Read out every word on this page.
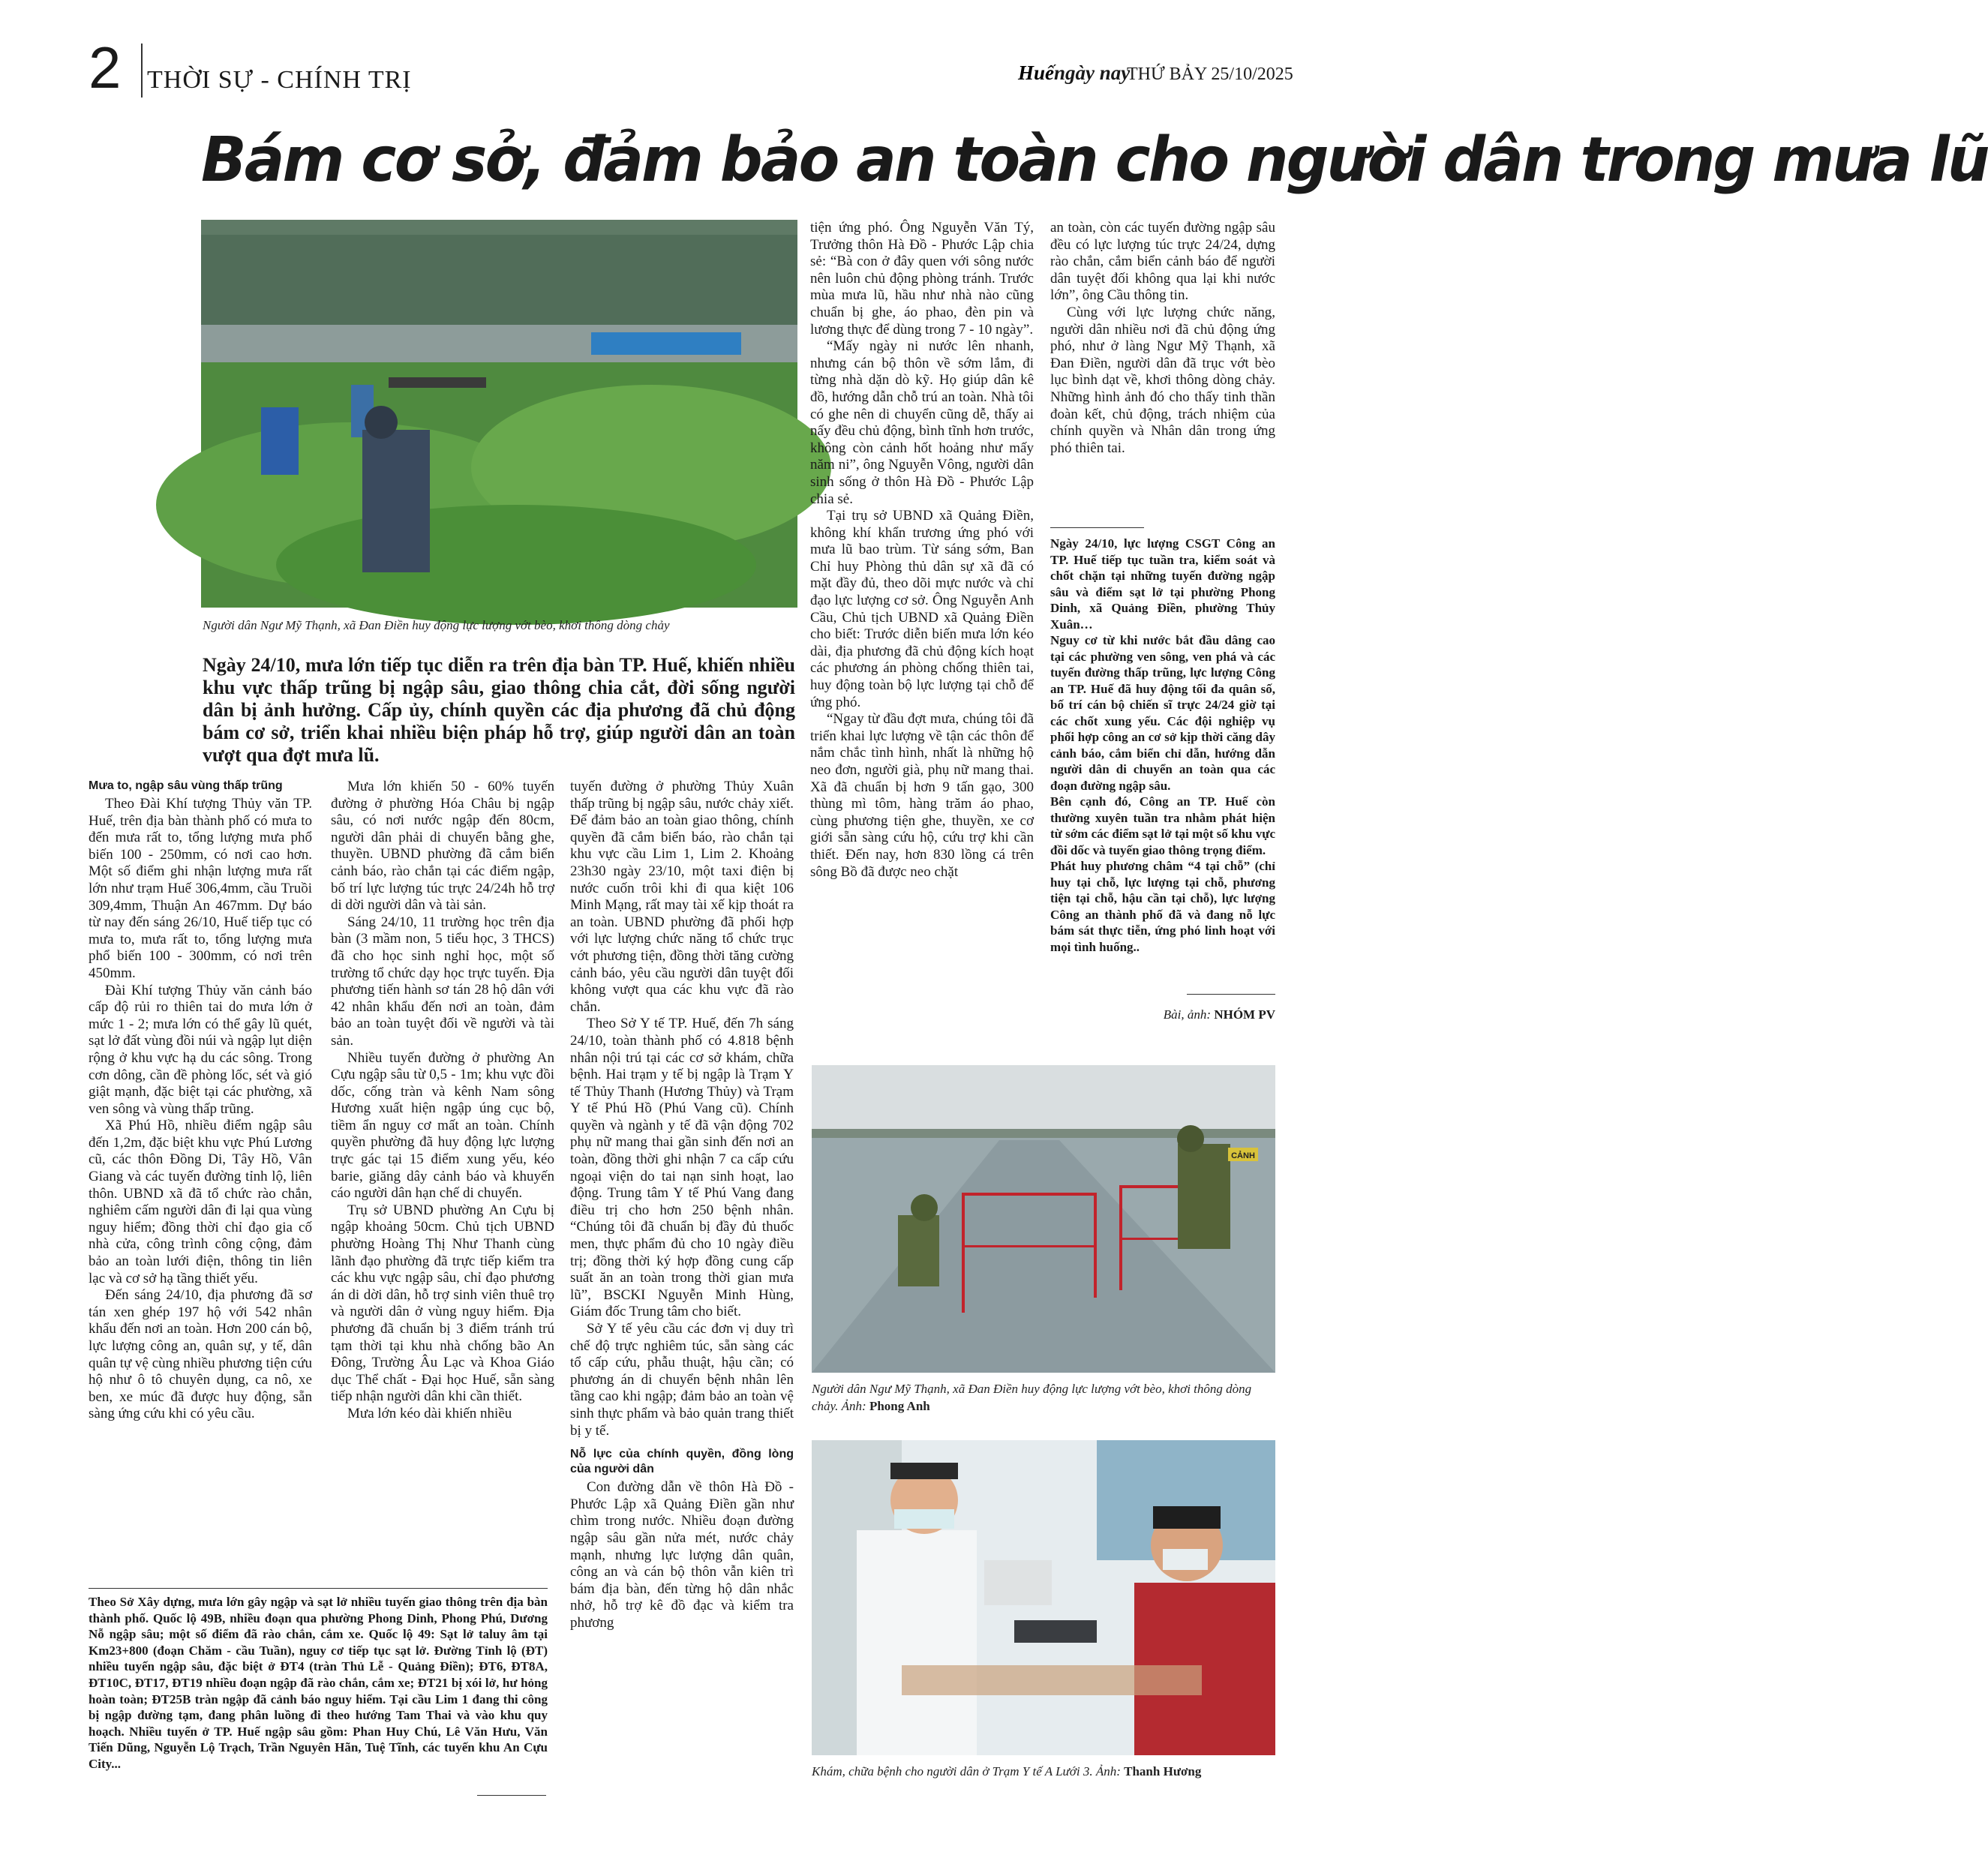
2 THỜI SỰ - CHÍNH TRỊ	Huếngày nay
THỨ BẢY 25/10/2025
Bám cơ sở, đảm bảo an toàn cho người dân trong mưa lũ
Người dân Ngư Mỹ Thạnh, xã Đan Điền huy động lực lượng vớt bèo, khơi thông dòng chảy
Ngày 24/10, mưa lớn tiếp tục diễn ra trên địa bàn TP. Huế, khiến nhiều khu vực thấp trũng bị ngập sâu, giao thông chia cắt, đời sống người dân bị ảnh hưởng. Cấp ủy, chính quyền các địa phương đã chủ động bám cơ sở, triển khai nhiều biện pháp hỗ trợ, giúp người dân an toàn vượt qua đợt mưa lũ.
Mưa to, ngập sâu vùng thấp trũng

Theo Đài Khí tượng Thủy văn TP. Huế, trên địa bàn thành phố có mưa to đến mưa rất to, tổng lượng mưa phổ biến 100 - 250mm, có nơi cao hơn. Một số điểm ghi nhận lượng mưa rất lớn như trạm Huế 306,4mm, cầu Truồi 309,4mm, Thuận An 467mm. Dự báo từ nay đến sáng 26/10, Huế tiếp tục có mưa to, mưa rất to, tổng lượng mưa phổ biến 100 - 300mm, có nơi trên 450mm.

Đài Khí tượng Thủy văn cảnh báo cấp độ rủi ro thiên tai do mưa lớn ở mức 1 - 2; mưa lớn có thể gây lũ quét, sạt lở đất vùng đồi núi và ngập lụt diện rộng ở khu vực hạ du các sông. Trong cơn dông, cần đề phòng lốc, sét và gió giật mạnh, đặc biệt tại các phường, xã ven sông và vùng thấp trũng.

Xã Phú Hồ, nhiều điểm ngập sâu đến 1,2m, đặc biệt khu vực Phú Lương cũ, các thôn Đồng Di, Tây Hồ, Vân Giang và các tuyến đường tỉnh lộ, liên thôn. UBND xã đã tổ chức rào chắn, nghiêm cấm người dân đi lại qua vùng nguy hiểm; đồng thời chỉ đạo gia cố nhà cửa, công trình công cộng, đảm bảo an toàn lưới điện, thông tin liên lạc và cơ sở hạ tầng thiết yếu.

Đến sáng 24/10, địa phương đã sơ tán xen ghép 197 hộ với 542 nhân khẩu đến nơi an toàn. Hơn 200 cán bộ, lực lượng công an, quân sự, y tế, dân quân tự vệ cùng nhiều phương tiện cứu hộ như ô tô chuyên dụng, ca nô, xe ben, xe múc đã được huy động, sẵn sàng ứng cứu khi có yêu cầu.

Mưa lớn khiến 50 - 60% tuyến đường ở phường Hóa Châu bị ngập sâu, có nơi nước ngập đến 80cm, người dân phải di chuyển bằng ghe, thuyền. UBND phường đã cắm biển cảnh báo, rào chắn tại các điểm ngập, bố trí lực lượng túc trực 24/24h hỗ trợ di dời người dân và tài sản.

Sáng 24/10, 11 trường học trên địa bàn (3 mầm non, 5 tiểu học, 3 THCS) đã cho học sinh nghỉ học, một số trường tổ chức dạy học trực tuyến. Địa phương tiến hành sơ tán 28 hộ dân với 42 nhân khẩu đến nơi an toàn, đảm bảo an toàn tuyệt đối về người và tài sản.

Nhiều tuyến đường ở phường An Cựu ngập sâu từ 0,5 - 1m; khu vực đồi dốc, cống tràn và kênh Nam sông Hương xuất hiện ngập úng cục bộ, tiềm ẩn nguy cơ mất an toàn. Chính quyền phường đã huy động lực lượng trực gác tại 15 điểm xung yếu, kéo barie, giăng dây cảnh báo và khuyến cáo người dân hạn chế di chuyển.

Trụ sở UBND phường An Cựu bị ngập khoảng 50cm. Chủ tịch UBND phường Hoàng Thị Như Thanh cùng lãnh đạo phường đã trực tiếp kiểm tra các khu vực ngập sâu, chỉ đạo phương án di dời dân, hỗ trợ sinh viên thuê trọ và người dân ở vùng nguy hiểm. Địa phương đã chuẩn bị 3 điểm tránh trú tạm thời tại khu nhà chống bão An Đông, Trường Âu Lạc và Khoa Giáo dục Thể chất - Đại học Huế, sẵn sàng tiếp nhận người dân khi cần thiết.

Mưa lớn kéo dài khiến nhiều

tuyến đường ở phường Thủy Xuân thấp trũng bị ngập sâu, nước chảy xiết. Để đảm bảo an toàn giao thông, chính quyền đã cắm biển báo, rào chắn tại khu vực cầu Lim 1, Lim 2. Khoảng 23h30 ngày 23/10, một taxi điện bị nước cuốn trôi khi đi qua kiệt 106 Minh Mạng, rất may tài xế kịp thoát ra an toàn. UBND phường đã phối hợp với lực lượng chức năng tổ chức trục vớt phương tiện, đồng thời tăng cường cảnh báo, yêu cầu người dân tuyệt đối không vượt qua các khu vực đã rào chắn.

Theo Sở Y tế TP. Huế, đến 7h sáng 24/10, toàn thành phố có 4.818 bệnh nhân nội trú tại các cơ sở khám, chữa bệnh. Hai trạm y tế bị ngập là Trạm Y tế Thủy Thanh (Hương Thủy) và Trạm Y tế Phú Hồ (Phú Vang cũ). Chính quyền và ngành y tế đã vận động 702 phụ nữ mang thai gần sinh đến nơi an toàn, đồng thời ghi nhận 7 ca cấp cứu ngoại viện do tai nạn sinh hoạt, lao động. Trung tâm Y tế Phú Vang đang điều trị cho hơn 250 bệnh nhân. “Chúng tôi đã chuẩn bị đầy đủ thuốc men, thực phẩm đủ cho 10 ngày điều trị; đồng thời ký hợp đồng cung cấp suất ăn an toàn trong thời gian mưa lũ”, BSCKI Nguyễn Minh Hùng, Giám đốc Trung tâm cho biết.

Sở Y tế yêu cầu các đơn vị duy trì chế độ trực nghiêm túc, sẵn sàng các tổ cấp cứu, phẫu thuật, hậu cần; có phương án di chuyển bệnh nhân lên tầng cao khi ngập; đảm bảo an toàn vệ sinh thực phẩm và bảo quản trang thiết bị y tế.

Nỗ lực của chính quyền, đồng lòng của người dân

Con đường dẫn về thôn Hà Đồ - Phước Lập xã Quảng Điền gần như chìm trong nước. Nhiều đoạn đường ngập sâu gần nửa mét, nước chảy mạnh, nhưng lực lượng dân quân, công an và cán bộ thôn vẫn kiên trì bám địa bàn, đến từng hộ dân nhắc nhở, hỗ trợ kê đồ đạc và kiểm tra phương

tiện ứng phó. Ông Nguyễn Văn Tý, Trưởng thôn Hà Đồ - Phước Lập chia sẻ: “Bà con ở đây quen với sông nước nên luôn chủ động phòng tránh. Trước mùa mưa lũ, hầu như nhà nào cũng chuẩn bị ghe, áo phao, đèn pin và lương thực để dùng trong 7 - 10 ngày”.

“Mấy ngày ni nước lên nhanh, nhưng cán bộ thôn về sớm lắm, đi từng nhà dặn dò kỹ. Họ giúp dân kê đồ, hướng dẫn chỗ trú an toàn. Nhà tôi có ghe nên di chuyển cũng dễ, thấy ai nấy đều chủ động, bình tĩnh hơn trước, không còn cảnh hốt hoảng như mấy năm ni”, ông Nguyễn Vông, người dân sinh sống ở thôn Hà Đồ - Phước Lập chia sẻ.

Tại trụ sở UBND xã Quảng Điền, không khí khẩn trương ứng phó với mưa lũ bao trùm. Từ sáng sớm, Ban Chỉ huy Phòng thủ dân sự xã đã có mặt đầy đủ, theo dõi mực nước và chỉ đạo lực lượng cơ sở. Ông Nguyễn Anh Cầu, Chủ tịch UBND xã Quảng Điền cho biết: Trước diễn biến mưa lớn kéo dài, địa phương đã chủ động kích hoạt các phương án phòng chống thiên tai, huy động toàn bộ lực lượng tại chỗ để ứng phó.

“Ngay từ đầu đợt mưa, chúng tôi đã triển khai lực lượng về tận các thôn để nắm chắc tình hình, nhất là những hộ neo đơn, người già, phụ nữ mang thai. Xã đã chuẩn bị hơn 9 tấn gạo, 300 thùng mì tôm, hàng trăm áo phao, cùng phương tiện ghe, thuyền, xe cơ giới sẵn sàng cứu hộ, cứu trợ khi cần thiết. Đến nay, hơn 830 lồng cá trên sông Bồ đã được neo chặt

an toàn, còn các tuyến đường ngập sâu đều có lực lượng túc trực 24/24, dựng rào chắn, cắm biển cảnh báo để người dân tuyệt đối không qua lại khi nước lớn”, ông Cầu thông tin.

Cùng với lực lượng chức năng, người dân nhiều nơi đã chủ động ứng phó, như ở làng Ngư Mỹ Thạnh, xã Đan Điền, người dân đã trục vớt bèo lục bình dạt về, khơi thông dòng chảy. Những hình ảnh đó cho thấy tinh thần đoàn kết, chủ động, trách nhiệm của chính quyền và Nhân dân trong ứng phó thiên tai.

Ngày 24/10, lực lượng CSGT Công an TP. Huế tiếp tục tuần tra, kiểm soát và chốt chặn tại những tuyến đường ngập sâu và điểm sạt lở tại phường Phong Dinh, xã Quảng Điền, phường Thủy Xuân…

Nguy cơ từ khi nước bắt đầu dâng cao tại các phường ven sông, ven phá và các tuyến đường thấp trũng, lực lượng Công an TP. Huế đã huy động tối đa quân số, bố trí cán bộ chiến sĩ trực 24/24 giờ tại các chốt xung yếu. Các đội nghiệp vụ phối hợp công an cơ sở kịp thời căng dây cảnh báo, cắm biển chỉ dẫn, hướng dẫn người dân di chuyển an toàn qua các đoạn đường ngập sâu.

Bên cạnh đó, Công an TP. Huế còn thường xuyên tuần tra nhằm phát hiện từ sớm các điểm sạt lở tại một số khu vực đồi dốc và tuyến giao thông trọng điểm.

Phát huy phương châm “4 tại chỗ” (chỉ huy tại chỗ, lực lượng tại chỗ, phương tiện tại chỗ, hậu cần tại chỗ), lực lượng Công an thành phố đã và đang nỗ lực bám sát thực tiễn, ứng phó linh hoạt với mọi tình huống..

Bài, ảnh: NHÓM PV
CẢNH
Người dân Ngư Mỹ Thạnh, xã Đan Điền huy động lực lượng vớt bèo, khơi thông dòng chảy. Ảnh: Phong Anh
Khám, chữa bệnh cho người dân ở Trạm Y tế A Lưới 3. Ảnh: Thanh Hương
Theo Sở Xây dựng, mưa lớn gây ngập và sạt lở nhiều tuyến giao thông trên địa bàn thành phố. Quốc lộ 49B, nhiều đoạn qua phường Phong Dinh, Phong Phú, Dương Nỗ ngập sâu; một số điểm đã rào chắn, cắm xe. Quốc lộ 49: Sạt lở taluy âm tại Km23+800 (đoạn Chăm - cầu Tuần), nguy cơ tiếp tục sạt lở. Đường Tỉnh lộ (ĐT) nhiều tuyến ngập sâu, đặc biệt ở ĐT4 (tràn Thủ Lễ - Quảng Điền); ĐT6, ĐT8A, ĐT10C, ĐT17, ĐT19 nhiều đoạn ngập đã rào chắn, cắm xe; ĐT21 bị xói lở, hư hỏng hoàn toàn; ĐT25B tràn ngập đã cảnh báo nguy hiểm. Tại cầu Lim 1 đang thi công bị ngập đường tạm, đang phân luồng đi theo hướng Tam Thai và vào khu quy hoạch. Nhiều tuyến ở TP. Huế ngập sâu gồm: Phan Huy Chú, Lê Văn Hưu, Văn Tiến Dũng, Nguyễn Lộ Trạch, Trần Nguyên Hãn, Tuệ Tĩnh, các tuyến khu An Cựu City...
